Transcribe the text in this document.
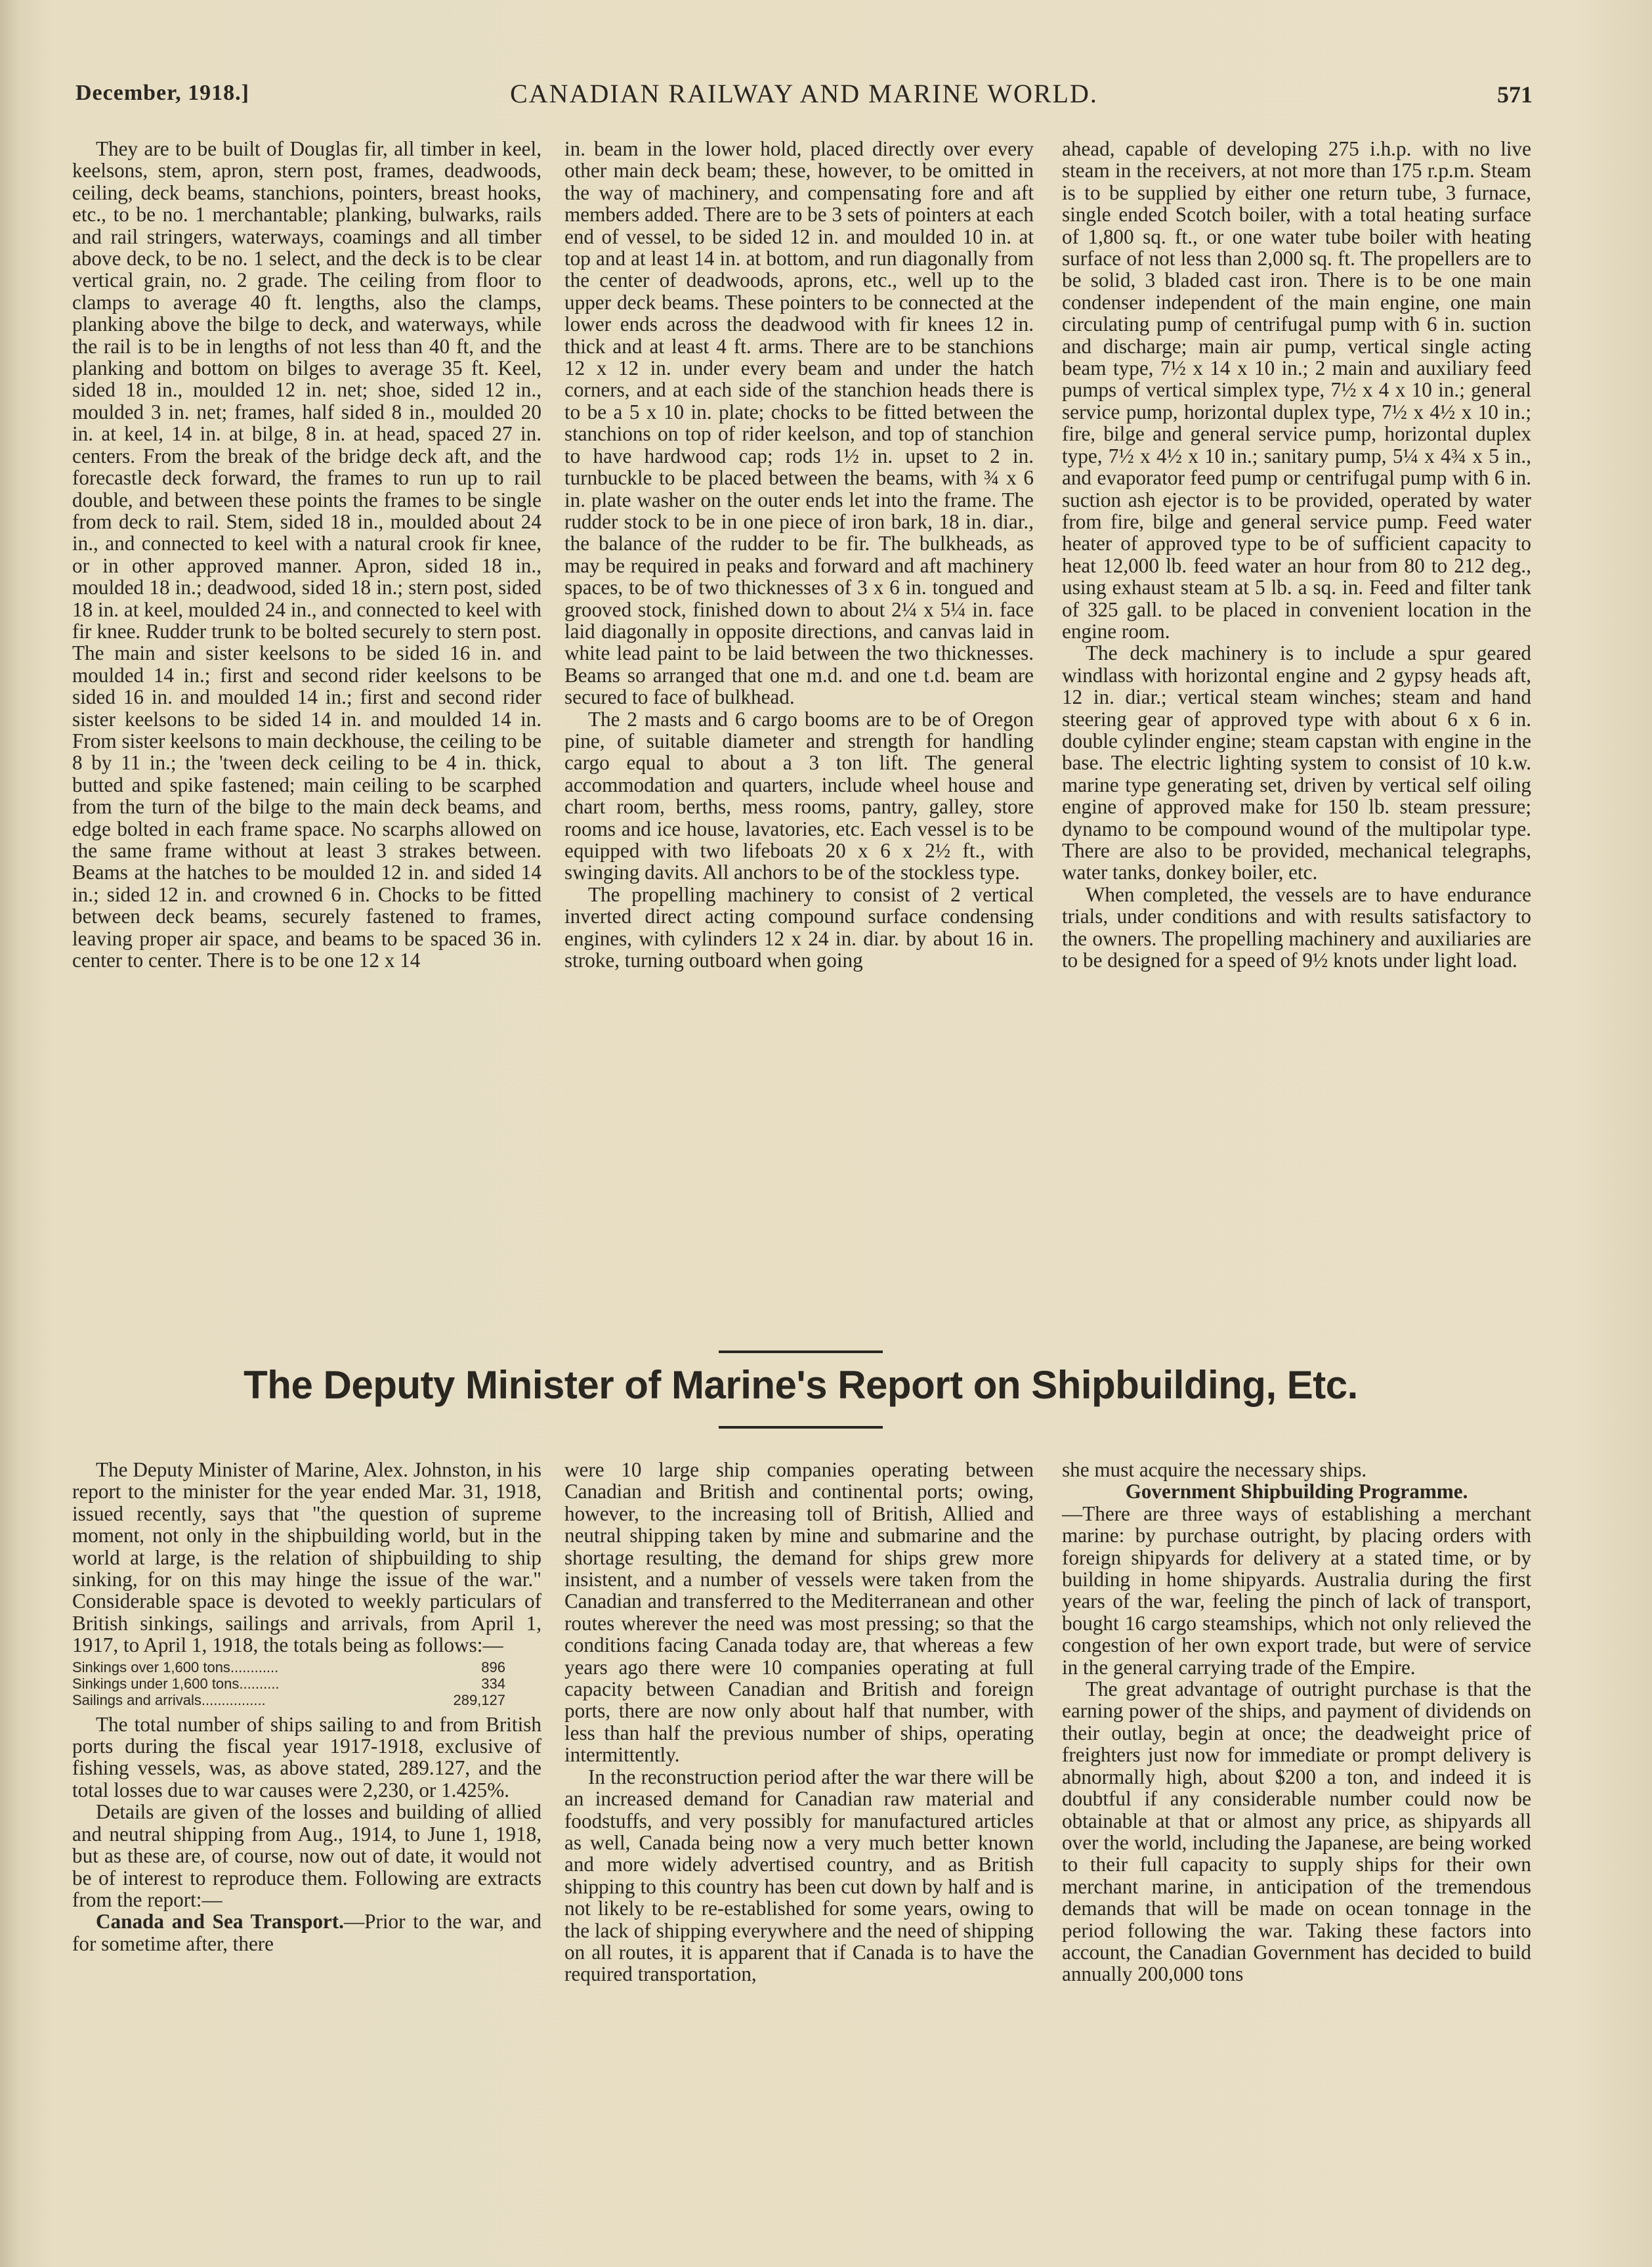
December, 1918.]	CANADIAN RAILWAY AND MARINE WORLD.	571

They are to be built of Douglas fir, all timber in keel, keelsons, stem, apron, stern post, frames, deadwoods, ceiling, deck beams, stanchions, pointers, breast hooks, etc., to be no. 1 merchantable; planking, bulwarks, rails and rail stringers, waterways, coamings and all timber above deck, to be no. 1 select, and the deck is to be clear vertical grain, no. 2 grade. The ceiling from floor to clamps to average 40 ft. lengths, also the clamps, planking above the bilge to deck, and waterways, while the rail is to be in lengths of not less than 40 ft, and the planking and bottom on bilges to average 35 ft. Keel, sided 18 in., moulded 12 in. net; shoe, sided 12 in., moulded 3 in. net; frames, half sided 8 in., moulded 20 in. at keel, 14 in. at bilge, 8 in. at head, spaced 27 in. centers. From the break of the bridge deck aft, and the forecastle deck forward, the frames to run up to rail double, and between these points the frames to be single from deck to rail. Stem, sided 18 in., moulded about 24 in., and connected to keel with a natural crook fir knee, or in other approved manner. Apron, sided 18 in., moulded 18 in.; deadwood, sided 18 in.; stern post, sided 18 in. at keel, moulded 24 in., and connected to keel with fir knee. Rudder trunk to be bolted securely to stern post. The main and sister keelsons to be sided 16 in. and moulded 14 in.; first and second rider keelsons to be sided 16 in. and moulded 14 in.; first and second rider sister keelsons to be sided 14 in. and moulded 14 in. From sister keelsons to main deckhouse, the ceiling to be 8 by 11 in.; the 'tween deck ceiling to be 4 in. thick, butted and spike fastened; main ceiling to be scarphed from the turn of the bilge to the main deck beams, and edge bolted in each frame space. No scarphs allowed on the same frame without at least 3 strakes between. Beams at the hatches to be moulded 12 in. and sided 14 in.; sided 12 in. and crowned 6 in. Chocks to be fitted between deck beams, securely fastened to frames, leaving proper air space, and beams to be spaced 36 in. center to center. There is to be one 12 x 14

in. beam in the lower hold, placed directly over every other main deck beam; these, however, to be omitted in the way of machinery, and compensating fore and aft members added. There are to be 3 sets of pointers at each end of vessel, to be sided 12 in. and moulded 10 in. at top and at least 14 in. at bottom, and run diagonally from the center of deadwoods, aprons, etc., well up to the upper deck beams. These pointers to be connected at the lower ends across the deadwood with fir knees 12 in. thick and at least 4 ft. arms. There are to be stanchions 12 x 12 in. under every beam and under the hatch corners, and at each side of the stanchion heads there is to be a 5 x 10 in. plate; chocks to be fitted between the stanchions on top of rider keelson, and top of stanchion to have hardwood cap; rods 1½ in. upset to 2 in. turnbuckle to be placed between the beams, with ¾ x 6 in. plate washer on the outer ends let into the frame. The rudder stock to be in one piece of iron bark, 18 in. diar., the balance of the rudder to be fir. The bulkheads, as may be required in peaks and forward and aft machinery spaces, to be of two thicknesses of 3 x 6 in. tongued and grooved stock, finished down to about 2¼ x 5¼ in. face laid diagonally in opposite directions, and canvas laid in white lead paint to be laid between the two thicknesses. Beams so arranged that one m.d. and one t.d. beam are secured to face of bulkhead.

The 2 masts and 6 cargo booms are to be of Oregon pine, of suitable diameter and strength for handling cargo equal to about a 3 ton lift. The general accommodation and quarters, include wheel house and chart room, berths, mess rooms, pantry, galley, store rooms and ice house, lavatories, etc. Each vessel is to be equipped with two lifeboats 20 x 6 x 2½ ft., with swinging davits. All anchors to be of the stockless type.

The propelling machinery to consist of 2 vertical inverted direct acting compound surface condensing engines, with cylinders 12 x 24 in. diar. by about 16 in. stroke, turning outboard when going

ahead, capable of developing 275 i.h.p. with no live steam in the receivers, at not more than 175 r.p.m. Steam is to be supplied by either one return tube, 3 furnace, single ended Scotch boiler, with a total heating surface of 1,800 sq. ft., or one water tube boiler with heating surface of not less than 2,000 sq. ft. The propellers are to be solid, 3 bladed cast iron. There is to be one main condenser independent of the main engine, one main circulating pump of centrifugal pump with 6 in. suction and discharge; main air pump, vertical single acting beam type, 7½ x 14 x 10 in.; 2 main and auxiliary feed pumps of vertical simplex type, 7½ x 4 x 10 in.; general service pump, horizontal duplex type, 7½ x 4½ x 10 in.; fire, bilge and general service pump, horizontal duplex type, 7½ x 4½ x 10 in.; sanitary pump, 5¼ x 4¾ x 5 in., and evaporator feed pump or centrifugal pump with 6 in. suction ash ejector is to be provided, operated by water from fire, bilge and general service pump. Feed water heater of approved type to be of sufficient capacity to heat 12,000 lb. feed water an hour from 80 to 212 deg., using exhaust steam at 5 lb. a sq. in. Feed and filter tank of 325 gall. to be placed in convenient location in the engine room.

The deck machinery is to include a spur geared windlass with horizontal engine and 2 gypsy heads aft, 12 in. diar.; vertical steam winches; steam and hand steering gear of approved type with about 6 x 6 in. double cylinder engine; steam capstan with engine in the base. The electric lighting system to consist of 10 k.w. marine type generating set, driven by vertical self oiling engine of approved make for 150 lb. steam pressure; dynamo to be compound wound of the multipolar type. There are also to be provided, mechanical telegraphs, water tanks, donkey boiler, etc.

When completed, the vessels are to have endurance trials, under conditions and with results satisfactory to the owners. The propelling machinery and auxiliaries are to be designed for a speed of 9½ knots under light load.

The Deputy Minister of Marine's Report on Shipbuilding, Etc.

The Deputy Minister of Marine, Alex. Johnston, in his report to the minister for the year ended Mar. 31, 1918, issued recently, says that "the question of supreme moment, not only in the shipbuilding world, but in the world at large, is the relation of shipbuilding to ship sinking, for on this may hinge the issue of the war." Considerable space is devoted to weekly particulars of British sinkings, sailings and arrivals, from April 1, 1917, to April 1, 1918, the totals being as follows:—

Sinkings over 1,600 tons............	896
Sinkings under 1,600 tons..........	334
Sailings and arrivals................	289,127

The total number of ships sailing to and from British ports during the fiscal year 1917-1918, exclusive of fishing vessels, was, as above stated, 289.127, and the total losses due to war causes were 2,230, or 1.425%.

Details are given of the losses and building of allied and neutral shipping from Aug., 1914, to June 1, 1918, but as these are, of course, now out of date, it would not be of interest to reproduce them. Following are extracts from the report:—

Canada and Sea Transport.—Prior to the war, and for sometime after, there

were 10 large ship companies operating between Canadian and British and continental ports; owing, however, to the increasing toll of British, Allied and neutral shipping taken by mine and submarine and the shortage resulting, the demand for ships grew more insistent, and a number of vessels were taken from the Canadian and transferred to the Mediterranean and other routes wherever the need was most pressing; so that the conditions facing Canada today are, that whereas a few years ago there were 10 companies operating at full capacity between Canadian and British and foreign ports, there are now only about half that number, with less than half the previous number of ships, operating intermittently.

In the reconstruction period after the war there will be an increased demand for Canadian raw material and foodstuffs, and very possibly for manufactured articles as well, Canada being now a very much better known and more widely advertised country, and as British shipping to this country has been cut down by half and is not likely to be re-established for some years, owing to the lack of shipping everywhere and the need of shipping on all routes, it is apparent that if Canada is to have the required transportation,

she must acquire the necessary ships.

Government Shipbuilding Programme.

—There are three ways of establishing a merchant marine: by purchase outright, by placing orders with foreign shipyards for delivery at a stated time, or by building in home shipyards. Australia during the first years of the war, feeling the pinch of lack of transport, bought 16 cargo steamships, which not only relieved the congestion of her own export trade, but were of service in the general carrying trade of the Empire.

The great advantage of outright purchase is that the earning power of the ships, and payment of dividends on their outlay, begin at once; the deadweight price of freighters just now for immediate or prompt delivery is abnormally high, about $200 a ton, and indeed it is doubtful if any considerable number could now be obtainable at that or almost any price, as shipyards all over the world, including the Japanese, are being worked to their full capacity to supply ships for their own merchant marine, in anticipation of the tremendous demands that will be made on ocean tonnage in the period following the war. Taking these factors into account, the Canadian Government has decided to build annually 200,000 tons
